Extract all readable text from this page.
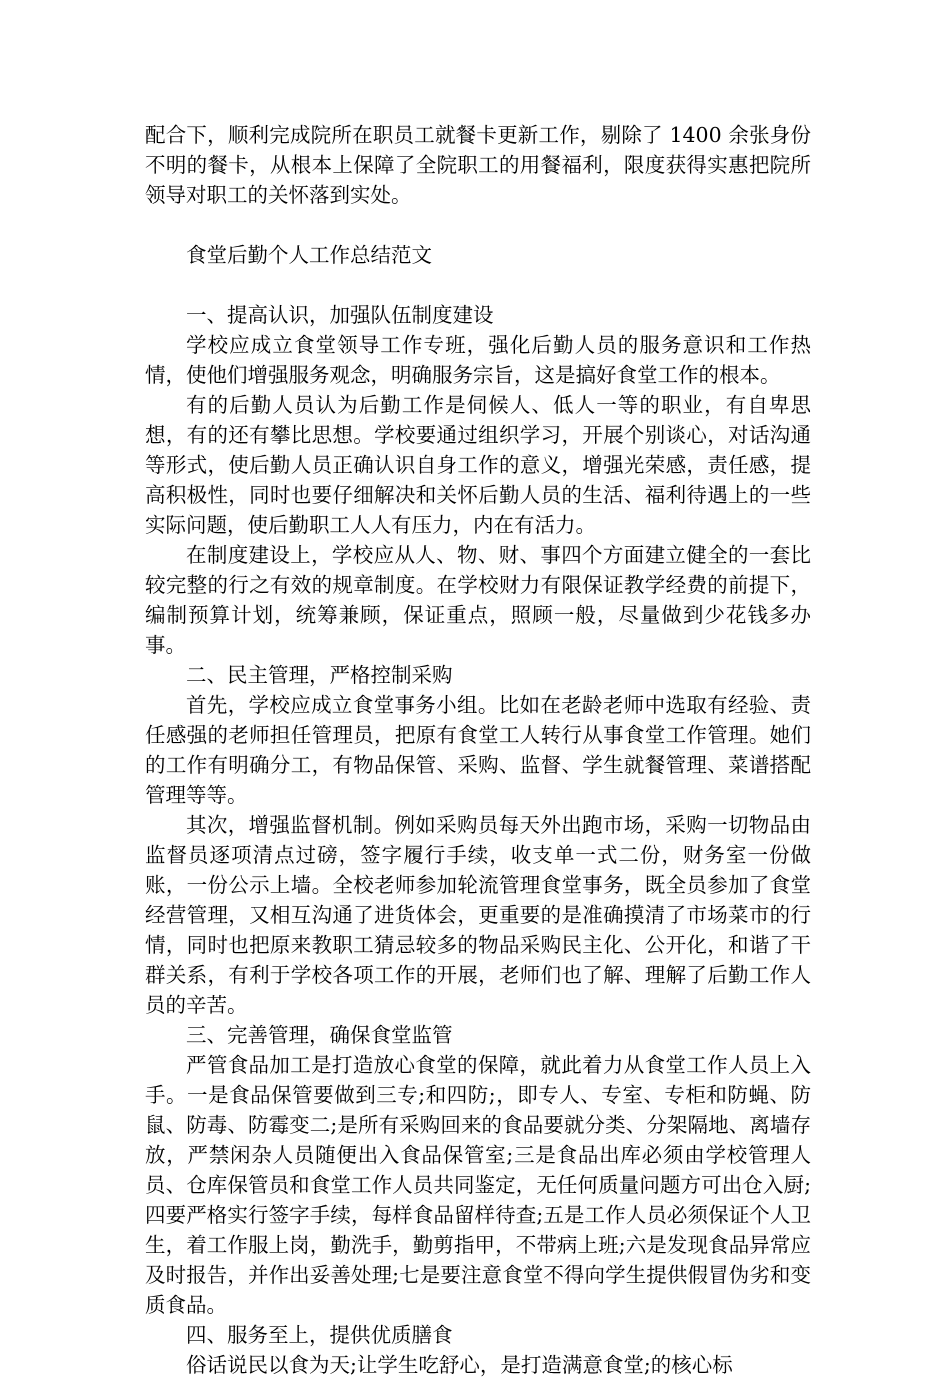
配合下，顺利完成院所在职员工就餐卡更新工作，剔除了 1400 余张身份不明的餐卡，从根本上保障了全院职工的用餐福利，限度获得实惠把院所领导对职工的关怀落到实处。

食堂后勤个人工作总结范文

一、提高认识，加强队伍制度建设

学校应成立食堂领导工作专班，强化后勤人员的服务意识和工作热情，使他们增强服务观念，明确服务宗旨，这是搞好食堂工作的根本。

有的后勤人员认为后勤工作是伺候人、低人一等的职业，有自卑思想，有的还有攀比思想。学校要通过组织学习，开展个别谈心，对话沟通等形式，使后勤人员正确认识自身工作的意义，增强光荣感，责任感，提高积极性，同时也要仔细解决和关怀后勤人员的生活、福利待遇上的一些实际问题，使后勤职工人人有压力，内在有活力。

在制度建设上，学校应从人、物、财、事四个方面建立健全的一套比较完整的行之有效的规章制度。在学校财力有限保证教学经费的前提下，编制预算计划，统筹兼顾，保证重点，照顾一般，尽量做到少花钱多办事。

二、民主管理，严格控制采购

首先，学校应成立食堂事务小组。比如在老龄老师中选取有经验、责任感强的老师担任管理员，把原有食堂工人转行从事食堂工作管理。她们的工作有明确分工，有物品保管、采购、监督、学生就餐管理、菜谱搭配管理等等。

其次，增强监督机制。例如采购员每天外出跑市场，采购一切物品由监督员逐项清点过磅，签字履行手续，收支单一式二份，财务室一份做账，一份公示上墙。全校老师参加轮流管理食堂事务，既全员参加了食堂经营管理，又相互沟通了进货体会，更重要的是准确摸清了市场菜市的行情，同时也把原来教职工猜忌较多的物品采购民主化、公开化，和谐了干群关系，有利于学校各项工作的开展，老师们也了解、理解了后勤工作人员的辛苦。

三、完善管理，确保食堂监管

严管食品加工是打造放心食堂的保障，就此着力从食堂工作人员上入手。一是食品保管要做到三专;和四防;，即专人、专室、专柜和防蝇、防鼠、防毒、防霉变二;是所有采购回来的食品要就分类、分架隔地、离墙存放，严禁闲杂人员随便出入食品保管室;三是食品出库必须由学校管理人员、仓库保管员和食堂工作人员共同鉴定，无任何质量问题方可出仓入厨;四要严格实行签字手续，每样食品留样待查;五是工作人员必须保证个人卫生，着工作服上岗，勤洗手，勤剪指甲，不带病上班;六是发现食品异常应及时报告，并作出妥善处理;七是要注意食堂不得向学生提供假冒伪劣和变质食品。

四、服务至上，提供优质膳食

俗话说民以食为天;让学生吃舒心，是打造满意食堂;的核心标
